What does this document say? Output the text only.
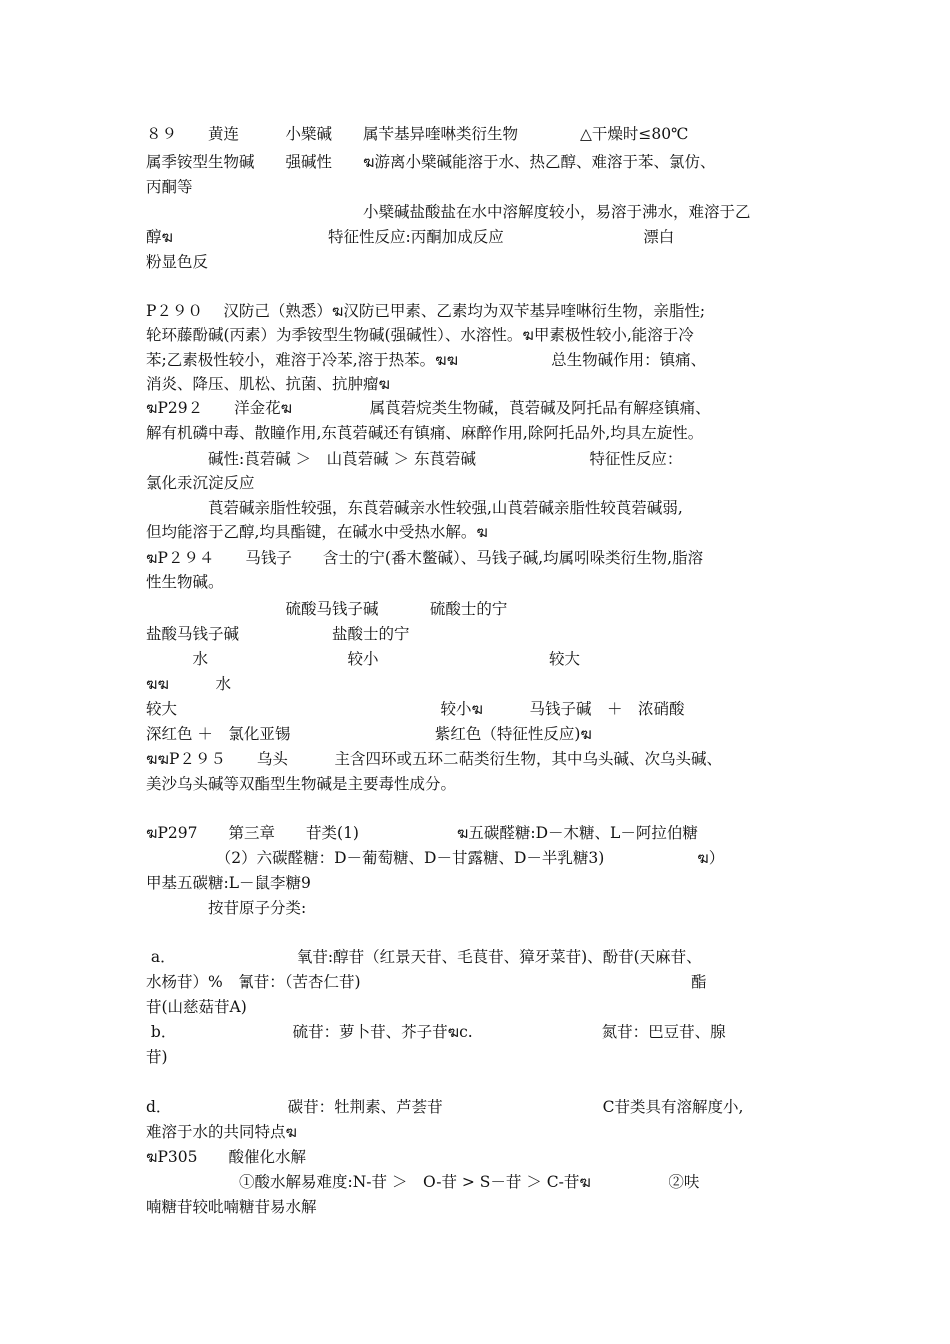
８９　　黄连　　　小檗碱　　属苄基异喹啉类衍生物　　　　△干燥时≤80℃
属季铵型生物碱　　强碱性　　ฆ游离小檗碱能溶于水、热乙醇、难溶于苯、氯仿、
丙酮等
　　　　　　　　　　　　　　小檗碱盐酸盐在水中溶解度较小，易溶于沸水，难溶于乙
醇ฆ　　　　　　　　　　特征性反应:丙酮加成反应　　　　　　　　　漂白
粉显色反
P２９０　 汉防己（熟悉）ฆ汉防已甲素、乙素均为双苄基异喹啉衍生物，亲脂性;
轮环藤酚碱(丙素）为季铵型生物碱(强碱性）、水溶性。ฆ甲素极性较小,能溶于冷
苯;乙素极性较小，难溶于冷苯,溶于热苯。ฆฆ　　　　　　总生物碱作用：镇痛、
消炎、降压、肌松、抗菌、抗肿瘤ฆ
ฆP29２　　洋金花ฆ　　　　　属莨菪烷类生物碱，莨菪碱及阿托品有解痉镇痛、
解有机磷中毒、散瞳作用,东莨菪碱还有镇痛、麻醉作用,除阿托品外,均具左旋性。
　　　　碱性:莨菪碱 ＞　山莨菪碱 ＞ 东莨菪碱　　　　　　　 特征性反应：
氯化汞沉淀反应
　　　　莨菪碱亲脂性较强，东莨菪碱亲水性较强,山莨菪碱亲脂性较莨菪碱弱,
但均能溶于乙醇,均具酯键，在碱水中受热水解。ฆ
ฆP２９４　　马钱子　　含士的宁(番木鳖碱）、马钱子碱,均属吲哚类衍生物,脂溶
性生物碱。
　　　　　　　　　硫酸马钱子碱　　　 硫酸士的宁
盐酸马钱子碱　　　　　　盐酸士的宁
　　　水　　　　　　　　　较小　　　　　　　　　　　较大
ฆฆ　　　水
较大　　　　　　　　　　　　　　　　　较小ฆ　　　马钱子碱　＋　浓硝酸
深红色 ＋　氯化亚锡　　　　　　　　　 紫红色（特征性反应)ฆ
ฆฆP２９５　　乌头　　　主含四环或五环二萜类衍生物，其中乌头碱、次乌头碱、
美沙乌头碱等双酯型生物碱是主要毒性成分。
ฆP297　　第三章　　苷类(1)　　　　　　 ฆ五碳醛糖:D－木糖、L－阿拉伯糖
　　　　　（2）六碳醛糖：D－葡萄糖、D－甘露糖、D－半乳糖3)　　　　　　ฆ）
甲基五碳糖:L－鼠李糖9
　　　　按苷原子分类:
a．　　　　　　　　 氧苷:醇苷（红景天苷、毛茛苷、獐牙菜苷)、酚苷(天麻苷、
水杨苷）%　氰苷：（苦杏仁苷)　　　　　　　　　　　　　　　　　　　　　 酯
苷(山慈菇苷A)
b．　　　　　　　　硫苷：萝卜苷、芥子苷ฆc.　　　　　　　　 氮苷：巴豆苷、腺
苷)
d．　　　　　　　　碳苷：牡荆素、芦荟苷　　　　　　　　　　 C苷类具有溶解度小,
难溶于水的共同特点ฆ
ฆP305　　酸催化水解
　　　　　　①酸水解易难度:N-苷 ＞　O-苷 > S－苷 ＞ C-苷ฆ　　　　　②呋
喃糖苷较吡喃糖苷易水解
